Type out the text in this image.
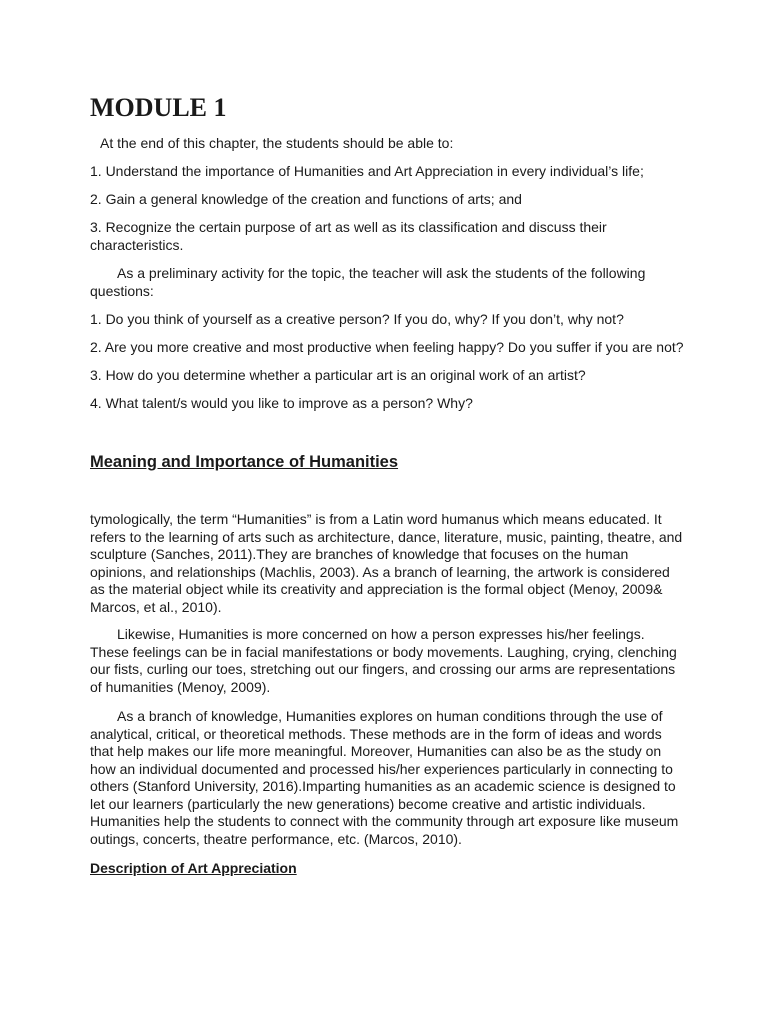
MODULE 1

At the end of this chapter, the students should be able to:

1. Understand the importance of Humanities and Art Appreciation in every individual’s life;

2. Gain a general knowledge of the creation and functions of arts; and

3. Recognize the certain purpose of art as well as its classification and discuss their
characteristics.

As a preliminary activity for the topic, the teacher will ask the students of the following
questions:

1. Do you think of yourself as a creative person? If you do, why? If you don’t, why not?

2. Are you more creative and most productive when feeling happy? Do you suffer if you are not?

3. How do you determine whether a particular art is an original work of an artist?

4. What talent/s would you like to improve as a person? Why?

Meaning and Importance of Humanities

tymologically, the term “Humanities” is from a Latin word humanus which means educated. It
refers to the learning of arts such as architecture, dance, literature, music, painting, theatre, and
sculpture (Sanches, 2011).They are branches of knowledge that focuses on the human
opinions, and relationships (Machlis, 2003). As a branch of learning, the artwork is considered
as the material object while its creativity and appreciation is the formal object (Menoy, 2009&
Marcos, et al., 2010).

Likewise, Humanities is more concerned on how a person expresses his/her feelings.
These feelings can be in facial manifestations or body movements. Laughing, crying, clenching
our fists, curling our toes, stretching out our fingers, and crossing our arms are representations
of humanities (Menoy, 2009).

As a branch of knowledge, Humanities explores on human conditions through the use of
analytical, critical, or theoretical methods. These methods are in the form of ideas and words
that help makes our life more meaningful. Moreover, Humanities can also be as the study on
how an individual documented and processed his/her experiences particularly in connecting to
others (Stanford University, 2016).Imparting humanities as an academic science is designed to
let our learners (particularly the new generations) become creative and artistic individuals.
Humanities help the students to connect with the community through art exposure like museum
outings, concerts, theatre performance, etc. (Marcos, 2010).

Description of Art Appreciation
